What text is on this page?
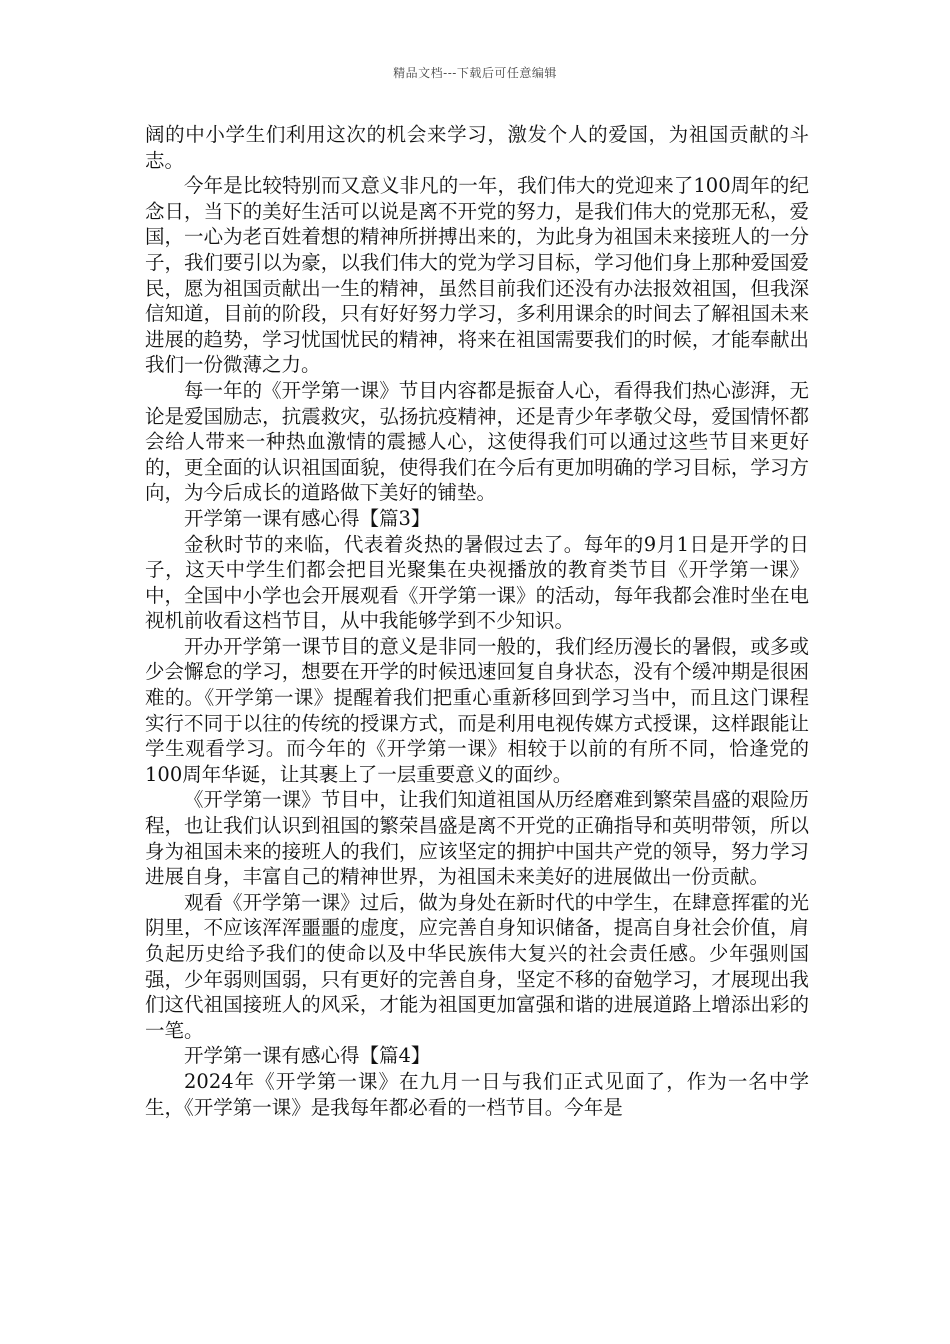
精品文档---下载后可任意编辑

阔的中小学生们利用这次的机会来学习，激发个人的爱国，为祖国贡献的斗志。

今年是比较特别而又意义非凡的一年，我们伟大的党迎来了100周年的纪念日，当下的美好生活可以说是离不开党的努力，是我们伟大的党那无私，爱国，一心为老百姓着想的精神所拼搏出来的，为此身为祖国未来接班人的一分子，我们要引以为豪，以我们伟大的党为学习目标，学习他们身上那种爱国爱民，愿为祖国贡献出一生的精神，虽然目前我们还没有办法报效祖国，但我深信知道，目前的阶段，只有好好努力学习，多利用课余的时间去了解祖国未来进展的趋势，学习忧国忧民的精神，将来在祖国需要我们的时候，才能奉献出我们一份微薄之力。

每一年的《开学第一课》节目内容都是振奋人心，看得我们热心澎湃，无论是爱国励志，抗震救灾，弘扬抗疫精神，还是青少年孝敬父母，爱国情怀都会给人带来一种热血激情的震撼人心，这使得我们可以通过这些节目来更好的，更全面的认识祖国面貌，使得我们在今后有更加明确的学习目标，学习方向，为今后成长的道路做下美好的铺垫。

开学第一课有感心得【篇3】

金秋时节的来临，代表着炎热的暑假过去了。每年的9月1日是开学的日子，这天中学生们都会把目光聚集在央视播放的教育类节目《开学第一课》中，全国中小学也会开展观看《开学第一课》的活动，每年我都会准时坐在电视机前收看这档节目，从中我能够学到不少知识。

开办开学第一课节目的意义是非同一般的，我们经历漫长的暑假，或多或少会懈怠的学习，想要在开学的时候迅速回复自身状态，没有个缓冲期是很困难的。《开学第一课》提醒着我们把重心重新移回到学习当中，而且这门课程实行不同于以往的传统的授课方式，而是利用电视传媒方式授课，这样跟能让学生观看学习。而今年的《开学第一课》相较于以前的有所不同，恰逢党的100周年华诞，让其裹上了一层重要意义的面纱。

《开学第一课》节目中，让我们知道祖国从历经磨难到繁荣昌盛的艰险历程，也让我们认识到祖国的繁荣昌盛是离不开党的正确指导和英明带领，所以身为祖国未来的接班人的我们，应该坚定的拥护中国共产党的领导，努力学习进展自身，丰富自己的精神世界，为祖国未来美好的进展做出一份贡献。

观看《开学第一课》过后，做为身处在新时代的中学生，在肆意挥霍的光阴里，不应该浑浑噩噩的虚度，应完善自身知识储备，提高自身社会价值，肩负起历史给予我们的使命以及中华民族伟大复兴的社会责任感。少年强则国强，少年弱则国弱，只有更好的完善自身，坚定不移的奋勉学习，才展现出我们这代祖国接班人的风采，才能为祖国更加富强和谐的进展道路上增添出彩的一笔。

开学第一课有感心得【篇4】

2024年《开学第一课》在九月一日与我们正式见面了，作为一名中学生，《开学第一课》是我每年都必看的一档节目。今年是
